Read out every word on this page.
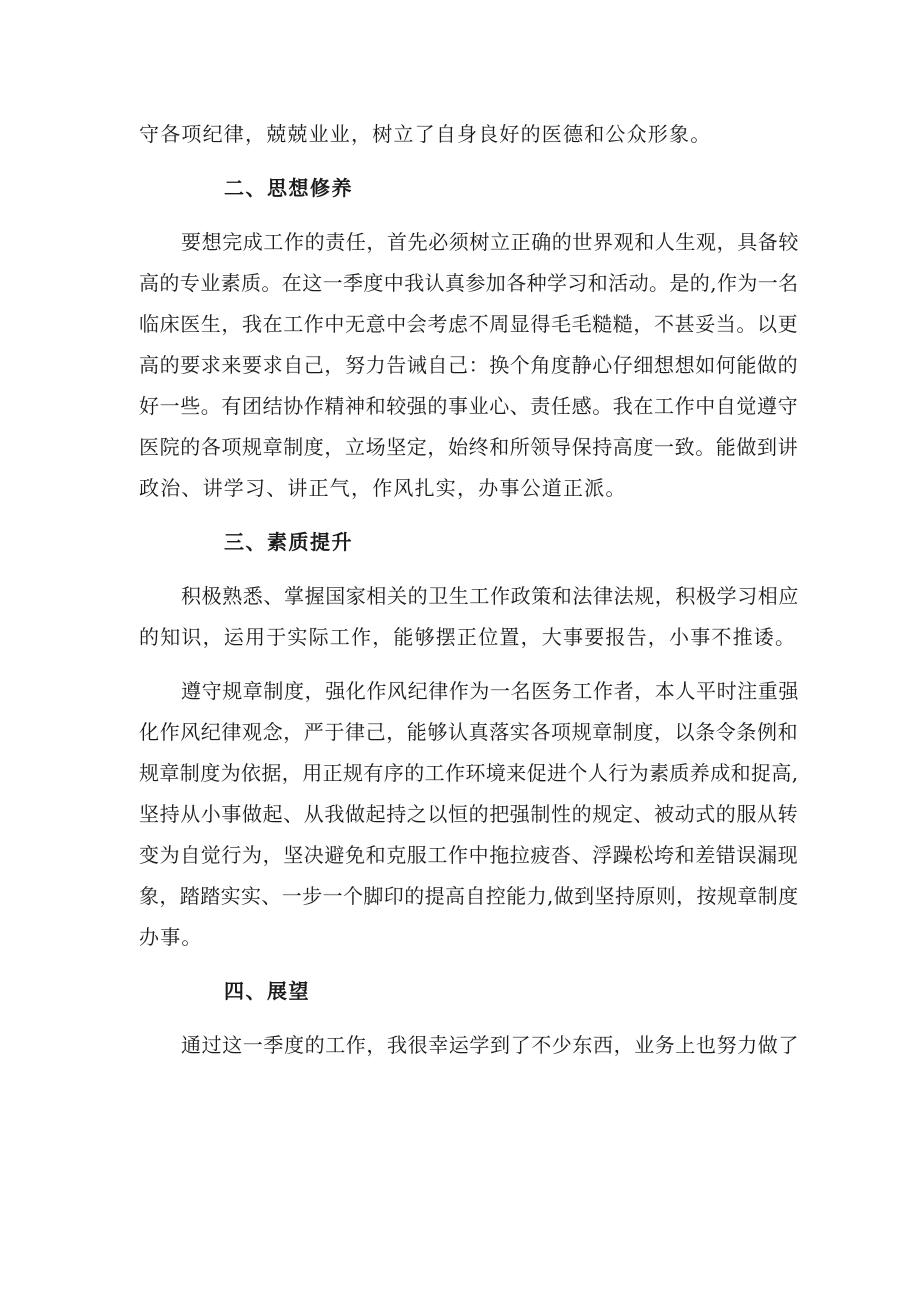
守各项纪律，兢兢业业，树立了自身良好的医德和公众形象。
二、思想修养
要想完成工作的责任，首先必须树立正确的世界观和人生观，具备较
高的专业素质。在这一季度中我认真参加各种学习和活动。是的,作为一名
临床医生，我在工作中无意中会考虑不周显得毛毛糙糙，不甚妥当。以更
高的要求来要求自己，努力告诫自己：换个角度静心仔细想想如何能做的
好一些。有团结协作精神和较强的事业心、责任感。我在工作中自觉遵守
医院的各项规章制度，立场坚定，始终和所领导保持高度一致。能做到讲
政治、讲学习、讲正气，作风扎实，办事公道正派。
三、素质提升
积极熟悉、掌握国家相关的卫生工作政策和法律法规，积极学习相应
的知识，运用于实际工作，能够摆正位置，大事要报告，小事不推诿。
遵守规章制度，强化作风纪律作为一名医务工作者，本人平时注重强
化作风纪律观念，严于律己，能够认真落实各项规章制度，以条令条例和
规章制度为依据，用正规有序的工作环境来促进个人行为素质养成和捉高,
坚持从小事做起、从我做起持之以恒的把强制性的规定、被动式的服从转
变为自觉行为，坚决避免和克服工作中拖拉疲沓、浮躁松垮和差错误漏现
象，踏踏实实、一步一个脚印的提高自控能力,做到坚持原则，按规章制度
办事。
四、展望
通过这一季度的工作，我很幸运学到了不少东西，业务上也努力做了
